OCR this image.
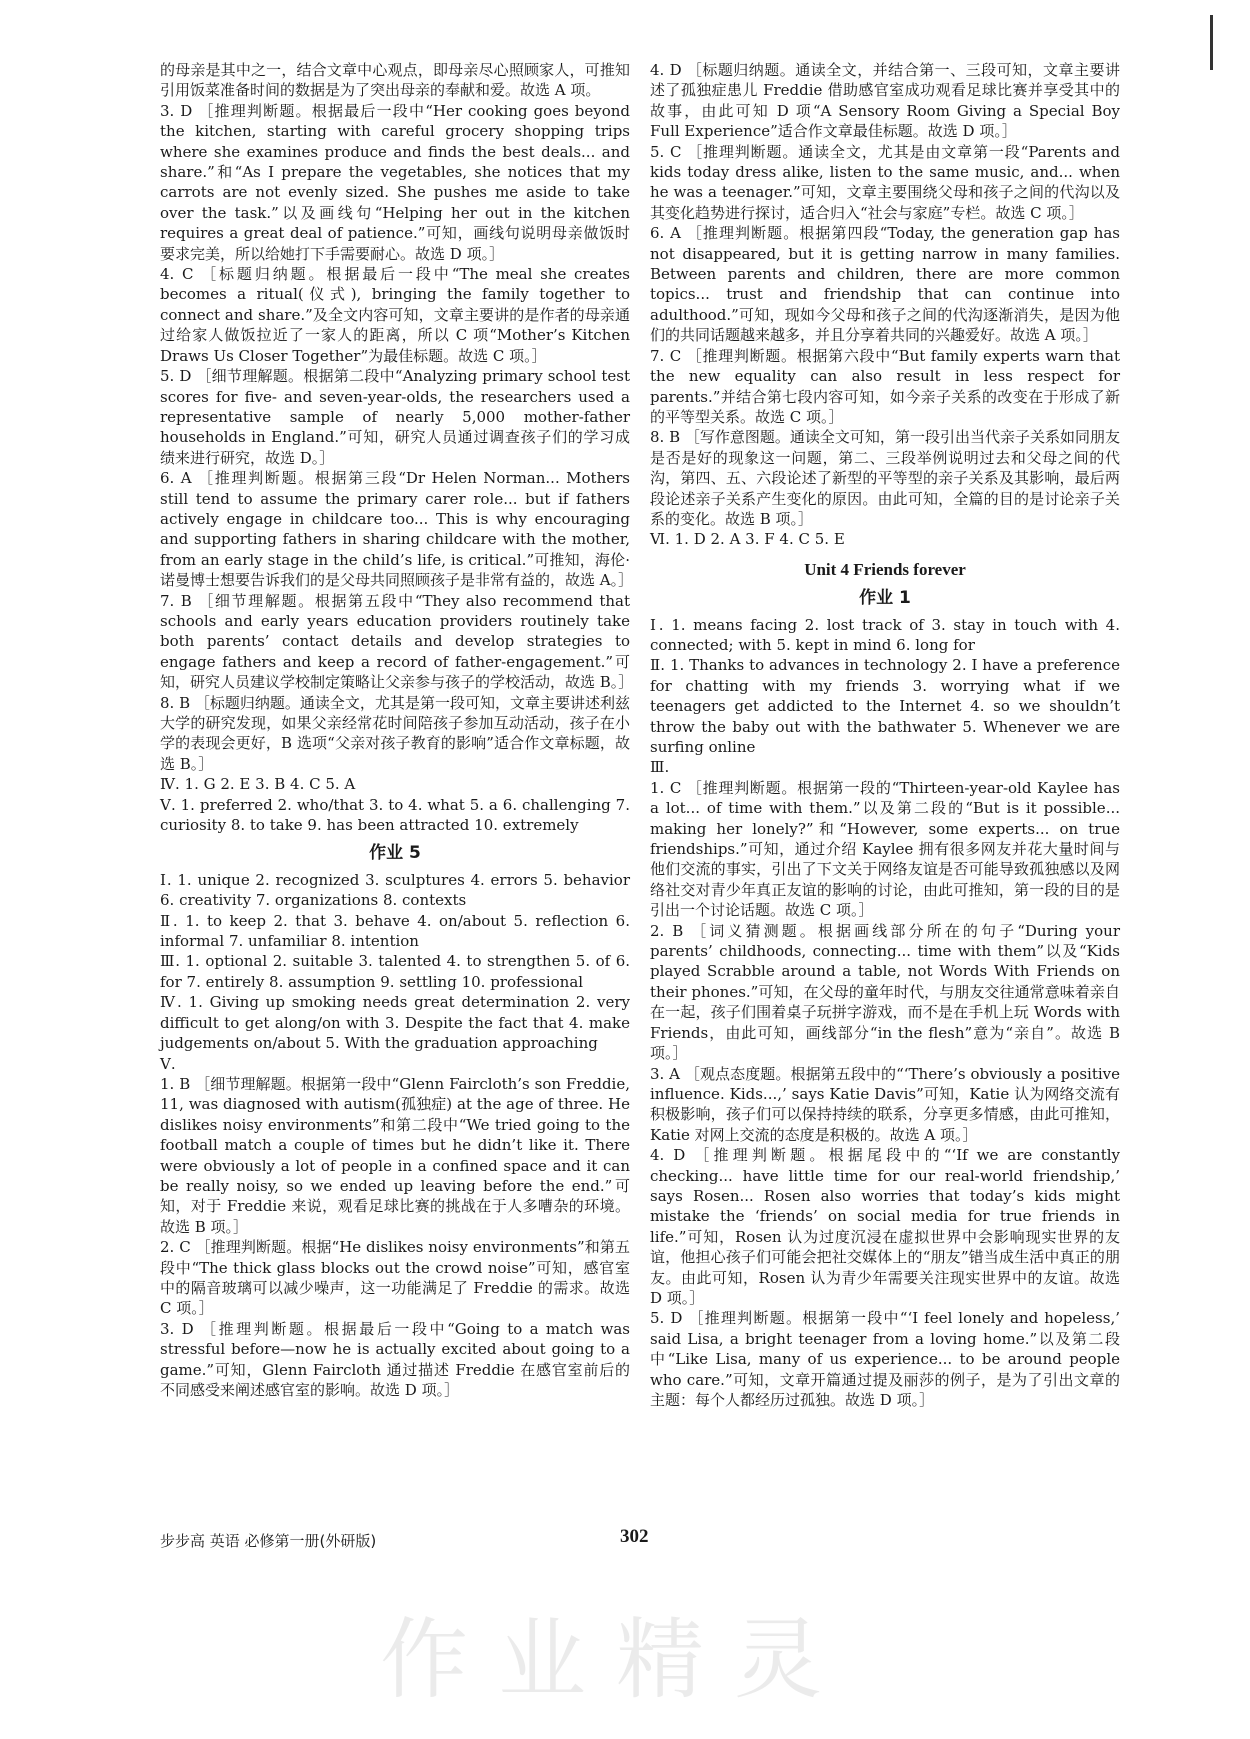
的母亲是其中之一，结合文章中心观点，即母亲尽心照顾家人，可推知引用饭菜准备时间的数据是为了突出母亲的奉献和爱。故选 A 项。

3. D ［推理判断题。根据最后一段中“Her cooking goes beyond the kitchen, starting with careful grocery shopping trips where she examines produce and finds the best deals... and share.”和“As I prepare the vegetables, she notices that my carrots are not evenly sized. She pushes me aside to take over the task.”以及画线句“Helping her out in the kitchen requires a great deal of patience.”可知，画线句说明母亲做饭时要求完美，所以给她打下手需要耐心。故选 D 项。］

4. C ［标题归纳题。根据最后一段中“The meal she creates becomes a ritual(仪式), bringing the family together to connect and share.”及全文内容可知，文章主要讲的是作者的母亲通过给家人做饭拉近了一家人的距离，所以 C 项“Mother’s Kitchen Draws Us Closer Together”为最佳标题。故选 C 项。］

5. D ［细节理解题。根据第二段中“Analyzing primary school test scores for five- and seven-year-olds, the researchers used a representative sample of nearly 5,000 mother-father households in England.”可知，研究人员通过调查孩子们的学习成绩来进行研究，故选 D。］

6. A ［推理判断题。根据第三段“Dr Helen Norman... Mothers still tend to assume the primary carer role... but if fathers actively engage in childcare too... This is why encouraging and supporting fathers in sharing childcare with the mother, from an early stage in the child’s life, is critical.”可推知，海伦·诺曼博士想要告诉我们的是父母共同照顾孩子是非常有益的，故选 A。］

7. B ［细节理解题。根据第五段中“They also recommend that schools and early years education providers routinely take both parents’ contact details and develop strategies to engage fathers and keep a record of father-engagement.”可知，研究人员建议学校制定策略让父亲参与孩子的学校活动，故选 B。］

8. B ［标题归纳题。通读全文，尤其是第一段可知，文章主要讲述利兹大学的研究发现，如果父亲经常花时间陪孩子参加互动活动，孩子在小学的表现会更好，B 选项“父亲对孩子教育的影响”适合作文章标题，故选 B。］

Ⅳ. 1. G 2. E 3. B 4. C 5. A

Ⅴ. 1. preferred 2. who/that 3. to 4. what 5. a 6. challenging 7. curiosity 8. to take 9. has been attracted 10. extremely

作业 5

Ⅰ. 1. unique 2. recognized 3. sculptures 4. errors 5. behavior 6. creativity 7. organizations 8. contexts

Ⅱ. 1. to keep 2. that 3. behave 4. on/about 5. reflection 6. informal 7. unfamiliar 8. intention

Ⅲ. 1. optional 2. suitable 3. talented 4. to strengthen 5. of 6. for 7. entirely 8. assumption 9. settling 10. professional

Ⅳ. 1. Giving up smoking needs great determination 2. very difficult to get along/on with 3. Despite the fact that 4. make judgements on/about 5. With the graduation approaching

Ⅴ.

1. B ［细节理解题。根据第一段中“Glenn Faircloth’s son Freddie, 11, was diagnosed with autism(孤独症) at the age of three. He dislikes noisy environments”和第二段中“We tried going to the football match a couple of times but he didn’t like it. There were obviously a lot of people in a confined space and it can be really noisy, so we ended up leaving before the end.”可知，对于 Freddie 来说，观看足球比赛的挑战在于人多嘈杂的环境。故选 B 项。］

2. C ［推理判断题。根据“He dislikes noisy environments”和第五段中“The thick glass blocks out the crowd noise”可知，感官室中的隔音玻璃可以减少噪声，这一功能满足了 Freddie 的需求。故选 C 项。］

3. D ［推理判断题。根据最后一段中“Going to a match was stressful before—now he is actually excited about going to a game.”可知，Glenn Faircloth 通过描述 Freddie 在感官室前后的不同感受来阐述感官室的影响。故选 D 项。］

4. D ［标题归纳题。通读全文，并结合第一、三段可知，文章主要讲述了孤独症患儿 Freddie 借助感官室成功观看足球比赛并享受其中的故事，由此可知 D 项“A Sensory Room Giving a Special Boy Full Experience”适合作文章最佳标题。故选 D 项。］

5. C ［推理判断题。通读全文，尤其是由文章第一段“Parents and kids today dress alike, listen to the same music, and... when he was a teenager.”可知，文章主要围绕父母和孩子之间的代沟以及其变化趋势进行探讨，适合归入“社会与家庭”专栏。故选 C 项。］

6. A ［推理判断题。根据第四段“Today, the generation gap has not disappeared, but it is getting narrow in many families. Between parents and children, there are more common topics... trust and friendship that can continue into adulthood.”可知，现如今父母和孩子之间的代沟逐渐消失，是因为他们的共同话题越来越多，并且分享着共同的兴趣爱好。故选 A 项。］

7. C ［推理判断题。根据第六段中“But family experts warn that the new equality can also result in less respect for parents.”并结合第七段内容可知，如今亲子关系的改变在于形成了新的平等型关系。故选 C 项。］

8. B ［写作意图题。通读全文可知，第一段引出当代亲子关系如同朋友是否是好的现象这一问题，第二、三段举例说明过去和父母之间的代沟，第四、五、六段论述了新型的平等型的亲子关系及其影响，最后两段论述亲子关系产生变化的原因。由此可知，全篇的目的是讨论亲子关系的变化。故选 B 项。］

Ⅵ. 1. D 2. A 3. F 4. C 5. E

Unit 4 Friends forever
作业 1

Ⅰ. 1. means facing 2. lost track of 3. stay in touch with 4. connected; with 5. kept in mind 6. long for

Ⅱ. 1. Thanks to advances in technology 2. I have a preference for chatting with my friends 3. worrying what if we teenagers get addicted to the Internet 4. so we shouldn’t throw the baby out with the bathwater 5. Whenever we are surfing online

Ⅲ.

1. C ［推理判断题。根据第一段的“Thirteen-year-old Kaylee has a lot... of time with them.”以及第二段的“But is it possible... making her lonely?”和“However, some experts... on true friendships.”可知，通过介绍 Kaylee 拥有很多网友并花大量时间与他们交流的事实，引出了下文关于网络友谊是否可能导致孤独感以及网络社交对青少年真正友谊的影响的讨论，由此可推知，第一段的目的是引出一个讨论话题。故选 C 项。］

2. B ［词义猜测题。根据画线部分所在的句子“During your parents’ childhoods, connecting... time with them”以及“Kids played Scrabble around a table, not Words With Friends on their phones.”可知，在父母的童年时代，与朋友交往通常意味着亲自在一起，孩子们围着桌子玩拼字游戏，而不是在手机上玩 Words with Friends，由此可知，画线部分“in the flesh”意为“亲自”。故选 B 项。］

3. A ［观点态度题。根据第五段中的“‘There’s obviously a positive influence. Kids...,’ says Katie Davis”可知，Katie 认为网络交流有积极影响，孩子们可以保持持续的联系，分享更多情感，由此可推知，Katie 对网上交流的态度是积极的。故选 A 项。］

4. D ［推理判断题。根据尾段中的“‘If we are constantly checking... have little time for our real-world friendship,’ says Rosen... Rosen also worries that today’s kids might mistake the ‘friends’ on social media for true friends in life.”可知，Rosen 认为过度沉浸在虚拟世界中会影响现实世界的友谊，他担心孩子们可能会把社交媒体上的“朋友”错当成生活中真正的朋友。由此可知，Rosen 认为青少年需要关注现实世界中的友谊。故选 D 项。］

5. D ［推理判断题。根据第一段中“‘I feel lonely and hopeless,’ said Lisa, a bright teenager from a loving home.”以及第二段中“Like Lisa, many of us experience... to be around people who care.”可知，文章开篇通过提及丽莎的例子，是为了引出文章的主题：每个人都经历过孤独。故选 D 项。］

步步高 英语 必修第一册(外研版)	302
作业精灵
